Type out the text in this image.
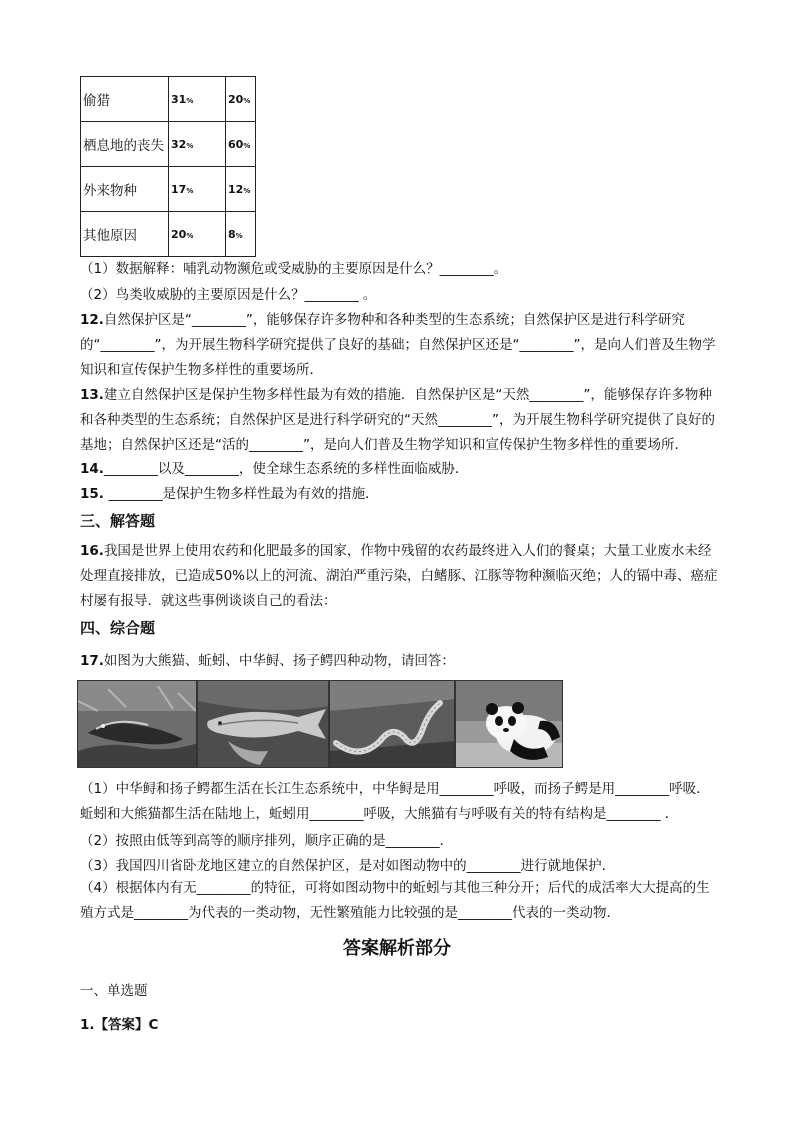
偷猎	31%	20%
栖息地的丧失	32%	60%
外来物种	17%	12%
其他原因	20%	8%
（1）数据解释：哺乳动物濒危或受威胁的主要原因是什么？________。
（2）鸟类收威胁的主要原因是什么？________ 。
12.自然保护区是“________”，能够保存许多物种和各种类型的生态系统；自然保护区是进行科学研究的“________”，为开展生物科学研究提供了良好的基础；自然保护区还是“________”，是向人们普及生物学知识和宣传保护生物多样性的重要场所．
13.建立自然保护区是保护生物多样性最为有效的措施．自然保护区是“天然________”，能够保存许多物种和各种类型的生态系统；自然保护区是进行科学研究的“天然________”，为开展生物科学研究提供了良好的基地；自然保护区还是“活的________”，是向人们普及生物学知识和宣传保护生物多样性的重要场所．
14.________以及________，使全球生态系统的多样性面临威胁．
15. ________是保护生物多样性最为有效的措施．
三、解答题
16.我国是世界上使用农药和化肥最多的国家，作物中残留的农药最终进入人们的餐桌；大量工业废水未经处理直接排放，已造成50%以上的河流、湖泊严重污染，白鳍豚、江豚等物种濒临灭绝；人的镉中毒、癌症村屡有报导．就这些事例谈谈自己的看法：
四、综合题
17.如图为大熊猫、蚯蚓、中华鲟、扬子鳄四种动物，请回答：
（1）中华鲟和扬子鳄都生活在长江生态系统中，中华鲟是用________呼吸，而扬子鳄是用________呼吸．蚯蚓和大熊猫都生活在陆地上，蚯蚓用________呼吸，大熊猫有与呼吸有关的特有结构是________ ．
（2）按照由低等到高等的顺序排列，顺序正确的是________．
（3）我国四川省卧龙地区建立的自然保护区，是对如图动物中的________进行就地保护．
（4）根据体内有无________的特征，可将如图动物中的蚯蚓与其他三种分开；后代的成活率大大提高的生殖方式是________为代表的一类动物，无性繁殖能力比较强的是________代表的一类动物．
答案解析部分
一、单选题
1.【答案】C
